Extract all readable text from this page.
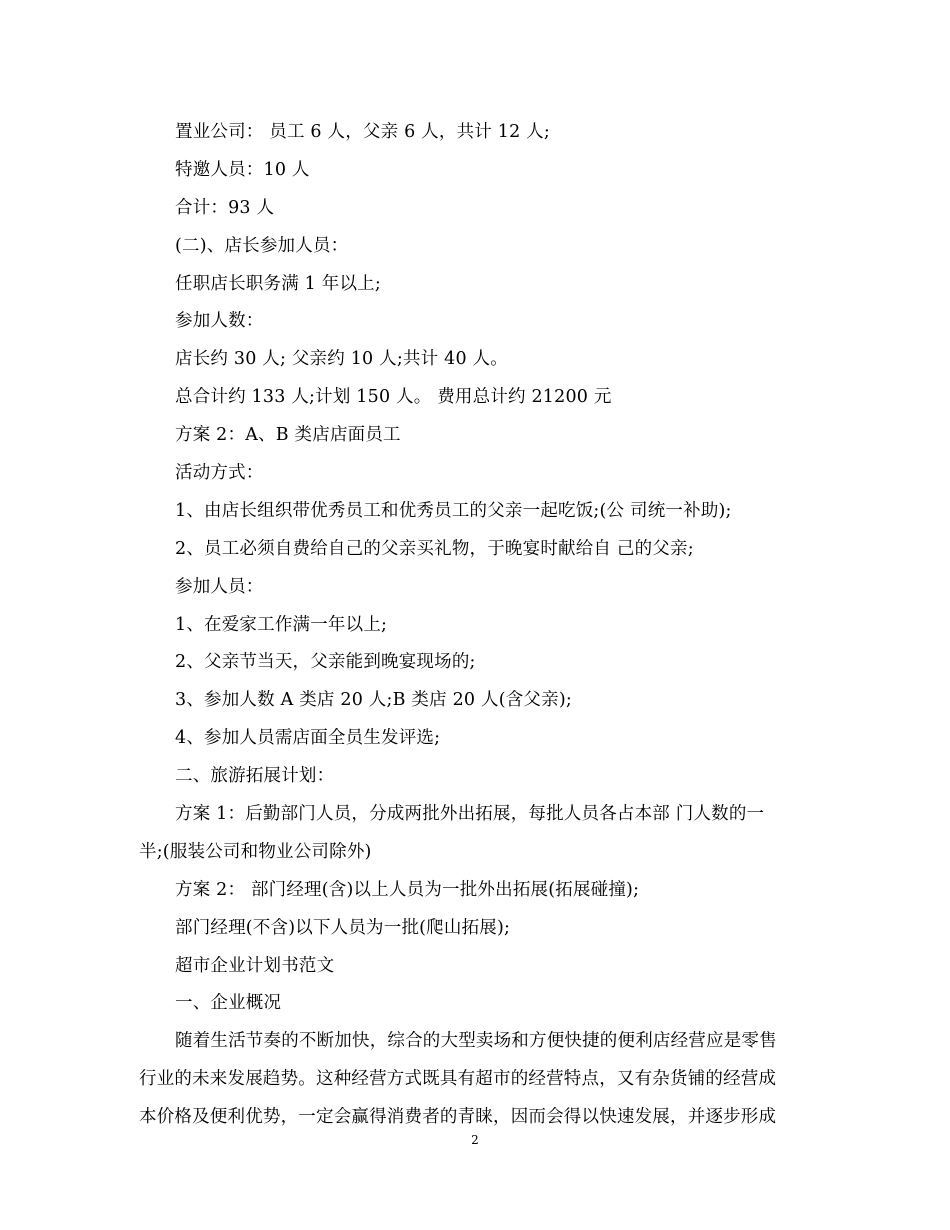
置业公司： 员工 6 人，父亲 6 人，共计 12 人;
特邀人员：10 人
合计：93 人
(二)、店长参加人员：
任职店长职务满 1 年以上;
参加人数：
店长约 30 人; 父亲约 10 人;共计 40 人。
总合计约 133 人;计划 150 人。 费用总计约 21200 元
方案 2：A、B 类店店面员工
活动方式：
1、由店长组织带优秀员工和优秀员工的父亲一起吃饭;(公 司统一补助);
2、员工必须自费给自己的父亲买礼物，于晚宴时献给自 己的父亲;
参加人员：
1、在爱家工作满一年以上;
2、父亲节当天，父亲能到晚宴现场的;
3、参加人数 A 类店 20 人;B 类店 20 人(含父亲);
4、参加人员需店面全员生发评选;
二、旅游拓展计划：
方案 1：后勤部门人员，分成两批外出拓展，每批人员各占本部 门人数的一
半;(服装公司和物业公司除外)
方案 2： 部门经理(含)以上人员为一批外出拓展(拓展碰撞);
部门经理(不含)以下人员为一批(爬山拓展);
超市企业计划书范文
一、企业概况
随着生活节奏的不断加快，综合的大型卖场和方便快捷的便利店经营应是零售
行业的未来发展趋势。这种经营方式既具有超市的经营特点，又有杂货铺的经营成
本价格及便利优势，一定会赢得消费者的青睐，因而会得以快速发展，并逐步形成
2
